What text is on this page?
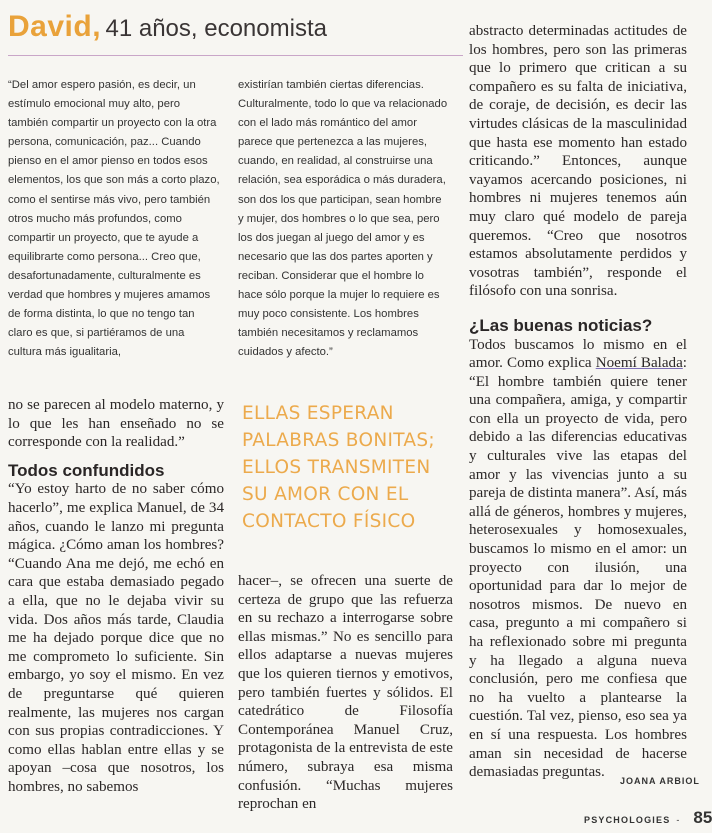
David, 41 años, economista

“Del amor espero pasión, es decir, un estímulo emocional muy alto, pero también compartir un proyecto con la otra persona, comunicación, paz... Cuando pienso en el amor pienso en todos esos elementos, los que son más a corto plazo, como el sentirse más vivo, pero también otros mucho más profundos, como compartir un proyecto, que te ayude a equilibrarte como persona... Creo que, desafortunadamente, culturalmente es verdad que hombres y mujeres amamos de forma distinta, lo que no tengo tan claro es que, si partiéramos de una cultura más igualitaria,

existirían también ciertas diferencias. Culturalmente, todo lo que va relacionado con el lado más romántico del amor parece que pertenezca a las mujeres, cuando, en realidad, al construirse una relación, sea esporádica o más duradera, son dos los que participan, sean hombre y mujer, dos hombres o lo que sea, pero los dos juegan al juego del amor y es necesario que las dos partes aporten y reciban. Considerar que el hombre lo hace sólo porque la mujer lo requiere es muy poco consistente. Los hombres también necesitamos y reclamamos cuidados y afecto.”

no se parecen al modelo materno, y lo que les han enseñado no se corresponde con la realidad.”

Todos confundidos

“Yo estoy harto de no saber cómo hacerlo”, me explica Manuel, de 34 años, cuando le lanzo mi pregunta mágica. ¿Cómo aman los hombres? “Cuando Ana me dejó, me echó en cara que estaba demasiado pegado a ella, que no le dejaba vivir su vida. Dos años más tarde, Claudia me ha dejado porque dice que no me comprometo lo suficiente. Sin embargo, yo soy el mismo. En vez de preguntarse qué quieren realmente, las mujeres nos cargan con sus propias contradicciones. Y como ellas hablan entre ellas y se apoyan –cosa que nosotros, los hombres, no sabemos

ELLAS ESPERAN PALABRAS BONITAS; ELLOS TRANSMITEN SU AMOR CON EL CONTACTO FÍSICO

hacer–, se ofrecen una suerte de certeza de grupo que las refuerza en su rechazo a interrogarse sobre ellas mismas.” No es sencillo para ellos adaptarse a nuevas mujeres que los quieren tiernos y emotivos, pero también fuertes y sólidos. El catedrático de Filosofía Contemporánea Manuel Cruz, protagonista de la entrevista de este número, subraya esa misma confusión. “Muchas mujeres reprochan en

abstracto determinadas actitudes de los hombres, pero son las primeras que lo primero que critican a su compañero es su falta de iniciativa, de coraje, de decisión, es decir las virtudes clásicas de la masculinidad que hasta ese momento han estado criticando.” Entonces, aunque vayamos acercando posiciones, ni hombres ni mujeres tenemos aún muy claro qué modelo de pareja queremos. “Creo que nosotros estamos absolutamente perdidos y vosotras también”, responde el filósofo con una sonrisa.

¿Las buenas noticias?

Todos buscamos lo mismo en el amor. Como explica Noemí Balada: “El hombre también quiere tener una compañera, amiga, y compartir con ella un proyecto de vida, pero debido a las diferencias educativas y culturales vive las etapas del amor y las vivencias junto a su pareja de distinta manera”. Así, más allá de géneros, hombres y mujeres, heterosexuales y homosexuales, buscamos lo mismo en el amor: un proyecto con ilusión, una oportunidad para dar lo mejor de nosotros mismos. De nuevo en casa, pregunto a mi compañero si ha reflexionado sobre mi pregunta y ha llegado a alguna nueva conclusión, pero me confiesa que no ha vuelto a plantearse la cuestión. Tal vez, pienso, eso sea ya en sí una respuesta. Los hombres aman sin necesidad de hacerse demasiadas preguntas.

JOANA ARBIOL
PSYCHOLOGIES - 85
